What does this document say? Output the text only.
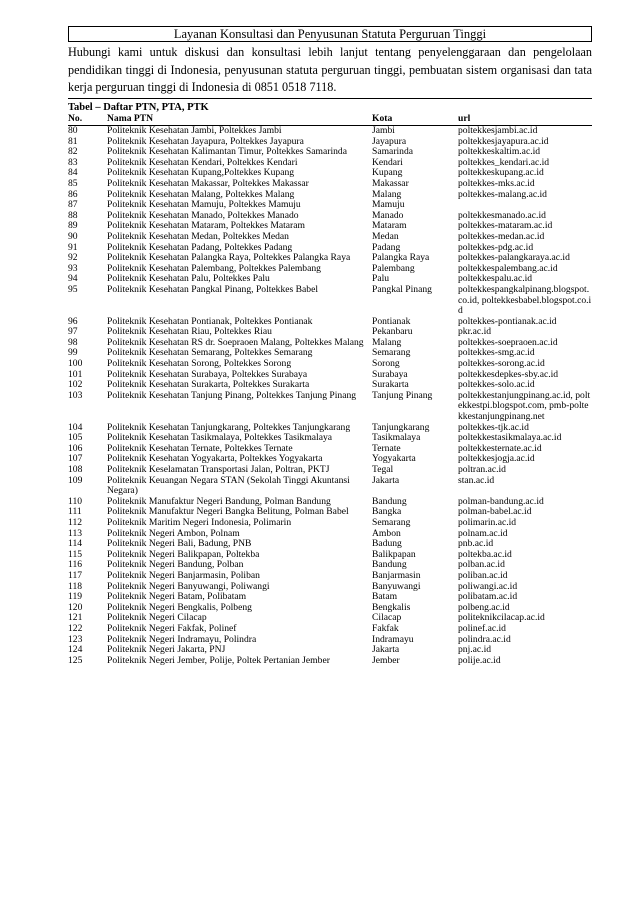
Layanan Konsultasi dan Penyusunan Statuta Perguruan Tinggi
Hubungi kami untuk diskusi dan konsultasi lebih lanjut tentang penyelenggaraan dan pengelolaan pendidikan tinggi di Indonesia, penyusunan statuta perguruan tinggi, pembuatan sistem organisasi dan tata kerja perguruan tinggi di Indonesia di 0851 0518 7118.
Tabel – Daftar PTN, PTA, PTK
No.	Nama PTN	Kota	url
80	Politeknik Kesehatan Jambi, Poltekkes Jambi	Jambi	poltekkesjambi.ac.id
81	Politeknik Kesehatan Jayapura, Poltekkes Jayapura	Jayapura	poltekkesjayapura.ac.id
82	Politeknik Kesehatan Kalimantan Timur, Poltekkes Samarinda	Samarinda	poltekkeskaltim.ac.id
83	Politeknik Kesehatan Kendari, Poltekkes Kendari	Kendari	poltekkes_kendari.ac.id
84	Politeknik Kesehatan Kupang,Poltekkes Kupang	Kupang	poltekkeskupang.ac.id
85	Politeknik Kesehatan Makassar, Poltekkes Makassar	Makassar	poltekkes-mks.ac.id
86	Politeknik Kesehatan Malang, Poltekkes Malang	Malang	poltekkes-malang.ac.id
87	Politeknik Kesehatan Mamuju, Poltekkes Mamuju	Mamuju	
88	Politeknik Kesehatan Manado, Poltekkes Manado	Manado	poltekkesmanado.ac.id
89	Politeknik Kesehatan Mataram, Poltekkes Mataram	Mataram	poltekkes-mataram.ac.id
90	Politeknik Kesehatan Medan, Poltekkes Medan	Medan	poltekkes-medan.ac.id
91	Politeknik Kesehatan Padang, Poltekkes Padang	Padang	poltekkes-pdg.ac.id
92	Politeknik Kesehatan Palangka Raya, Poltekkes Palangka Raya	Palangka Raya	poltekkes-palangkaraya.ac.id
93	Politeknik Kesehatan Palembang, Poltekkes Palembang	Palembang	poltekkespalembang.ac.id
94	Politeknik Kesehatan Palu, Poltekkes Palu	Palu	poltekkespalu.ac.id
95	Politeknik Kesehatan Pangkal Pinang, Poltekkes Babel	Pangkal Pinang	poltekkespangkalpinang.blogspot.co.id, poltekkesbabel.blogspot.co.id
96	Politeknik Kesehatan Pontianak, Poltekkes Pontianak	Pontianak	poltekkes-pontianak.ac.id
97	Politeknik Kesehatan Riau, Poltekkes Riau	Pekanbaru	pkr.ac.id
98	Politeknik Kesehatan RS dr. Soepraoen Malang, Poltekkes Malang	Malang	poltekkes-soepraoen.ac.id
99	Politeknik Kesehatan Semarang, Poltekkes Semarang	Semarang	poltekkes-smg.ac.id
100	Politeknik Kesehatan Sorong, Poltekkes Sorong	Sorong	poltekkes-sorong.ac.id
101	Politeknik Kesehatan Surabaya, Poltekkes Surabaya	Surabaya	poltekkesdepkes-sby.ac.id
102	Politeknik Kesehatan Surakarta, Poltekkes Surakarta	Surakarta	poltekkes-solo.ac.id
103	Politeknik Kesehatan Tanjung Pinang, Poltekkes Tanjung Pinang	Tanjung Pinang	poltekkestanjungpinang.ac.id, poltekkestpi.blogspot.com, pmb-poltekkestanjungpinang.net
104	Politeknik Kesehatan Tanjungkarang, Poltekkes Tanjungkarang	Tanjungkarang	poltekkes-tjk.ac.id
105	Politeknik Kesehatan Tasikmalaya, Poltekkes Tasikmalaya	Tasikmalaya	poltekkestasikmalaya.ac.id
106	Politeknik Kesehatan Ternate, Poltekkes Ternate	Ternate	poltekkesternate.ac.id
107	Politeknik Kesehatan Yogyakarta, Poltekkes Yogyakarta	Yogyakarta	poltekkesjogja.ac.id
108	Politeknik Keselamatan Transportasi Jalan, Poltran, PKTJ	Tegal	poltran.ac.id
109	Politeknik Keuangan Negara STAN (Sekolah Tinggi Akuntansi Negara)	Jakarta	stan.ac.id
110	Politeknik Manufaktur Negeri Bandung, Polman Bandung	Bandung	polman-bandung.ac.id
111	Politeknik Manufaktur Negeri Bangka Belitung, Polman Babel	Bangka	polman-babel.ac.id
112	Politeknik Maritim Negeri Indonesia, Polimarin	Semarang	polimarin.ac.id
113	Politeknik Negeri Ambon, Polnam	Ambon	polnam.ac.id
114	Politeknik Negeri Bali, Badung, PNB	Badung	pnb.ac.id
115	Politeknik Negeri Balikpapan, Poltekba	Balikpapan	poltekba.ac.id
116	Politeknik Negeri Bandung, Polban	Bandung	polban.ac.id
117	Politeknik Negeri Banjarmasin, Poliban	Banjarmasin	poliban.ac.id
118	Politeknik Negeri Banyuwangi, Poliwangi	Banyuwangi	poliwangi.ac.id
119	Politeknik Negeri Batam, Polibatam	Batam	polibatam.ac.id
120	Politeknik Negeri Bengkalis, Polbeng	Bengkalis	polbeng.ac.id
121	Politeknik Negeri Cilacap	Cilacap	politeknikcilacap.ac.id
122	Politeknik Negeri Fakfak, Polinef	Fakfak	polinef.ac.id
123	Politeknik Negeri Indramayu, Polindra	Indramayu	polindra.ac.id
124	Politeknik Negeri Jakarta, PNJ	Jakarta	pnj.ac.id
125	Politeknik Negeri Jember, Polije, Poltek Pertanian Jember	Jember	polije.ac.id
